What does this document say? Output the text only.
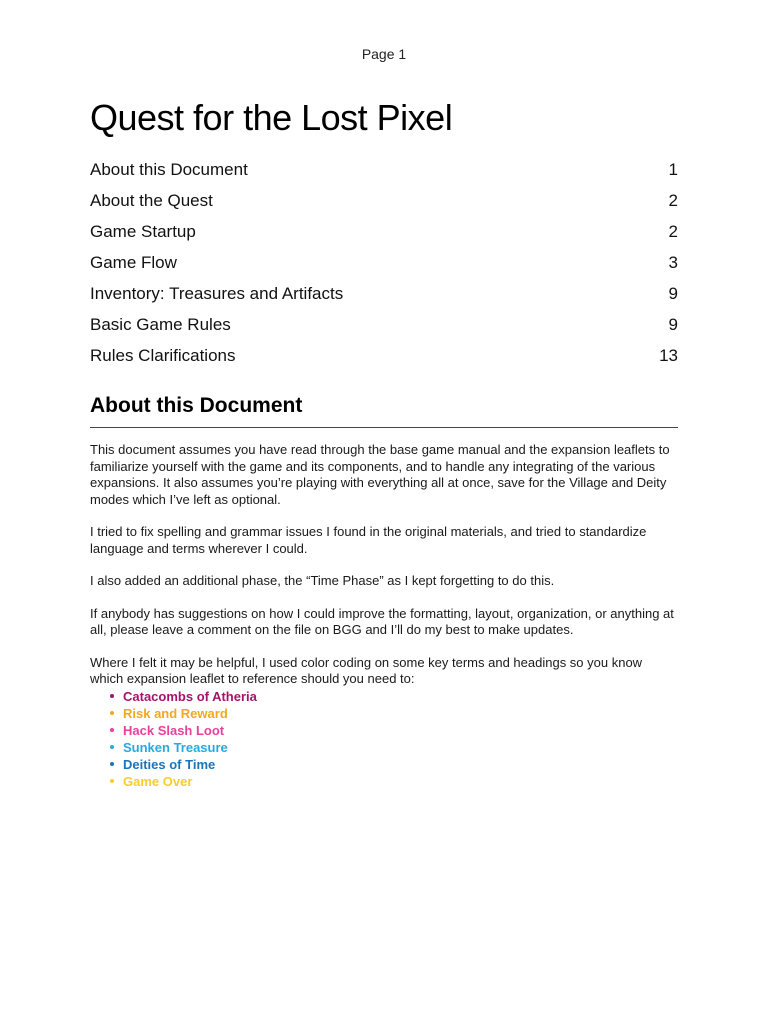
Page 1
Quest for the Lost Pixel
About this Document	1
About the Quest	2
Game Startup	2
Game Flow	3
Inventory: Treasures and Artifacts	9
Basic Game Rules	9
Rules Clarifications	13
About this Document

This document assumes you have read through the base game manual and the expansion leaflets to familiarize yourself with the game and its components, and to handle any integrating of the various expansions. It also assumes you’re playing with everything all at once, save for the Village and Deity modes which I’ve left as optional.

I tried to fix spelling and grammar issues I found in the original materials, and tried to standardize language and terms wherever I could.

I also added an additional phase, the “Time Phase” as I kept forgetting to do this.

If anybody has suggestions on how I could improve the formatting, layout, organization, or anything at all, please leave a comment on the file on BGG and I’ll do my best to make updates.

Where I felt it may be helpful, I used color coding on some key terms and headings so you know which expansion leaflet to reference should you need to:

Catacombs of Atheria
Risk and Reward
Hack Slash Loot
Sunken Treasure
Deities of Time
Game Over
